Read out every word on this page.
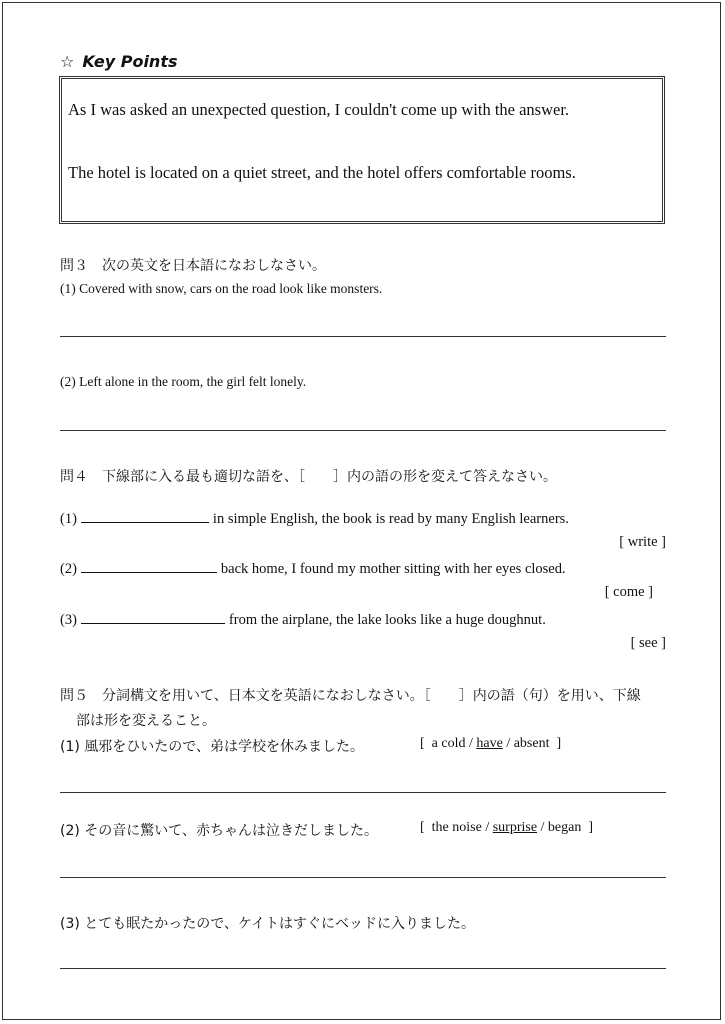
☆ Key Points
As I was asked an unexpected question, I couldn't come up with the answer.
The hotel is located on a quiet street, and the hotel offers comfortable rooms.
問３　次の英文を日本語になおしなさい。
(1) Covered with snow, cars on the road look like monsters.
(2) Left alone in the room, the girl felt lonely.
問４　下線部に入る最も適切な語を、［　　］内の語の形を変えて答えなさい。
(1)	in simple English, the book is read by many English learners.
[ write ]
(2)	back home, I found my mother sitting with her eyes closed.
[ come ]
(3)	from the airplane, the lake looks like a huge doughnut.
[ see ]
問５　分詞構文を用いて、日本文を英語になおしなさい。［　　］内の語（句）を用い、下線
部は形を変えること。
(1) 風邪をひいたので、弟は学校を休みました。	[ a cold / have / absent ]
(2) その音に驚いて、赤ちゃんは泣きだしました。	[ the noise / surprise / began ]
(3) とても眠たかったので、ケイトはすぐにベッドに入りました。
